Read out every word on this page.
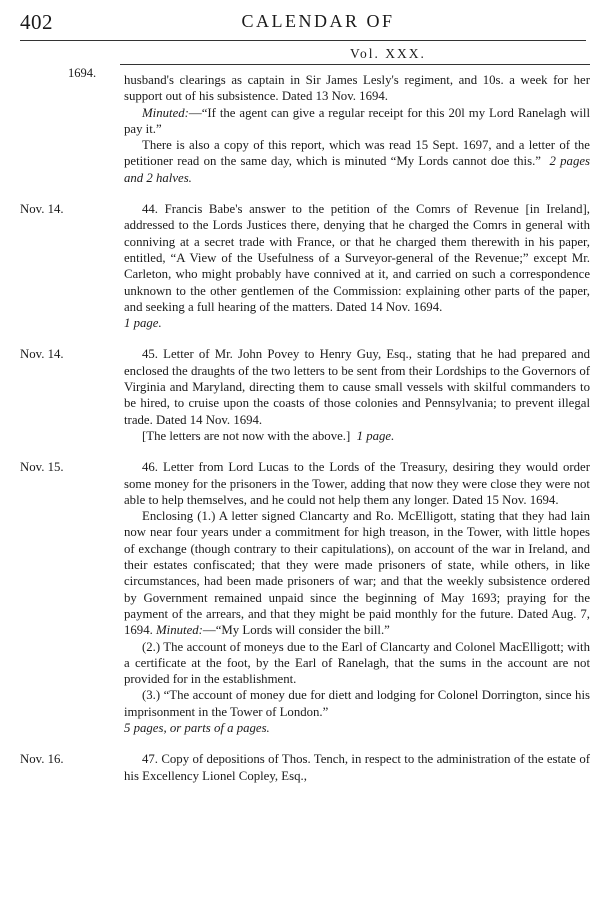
402	CALENDAR OF
Vol. XXX.
1694. husband's clearings as captain in Sir James Lesly's regiment, and 10s. a week for her support out of his subsistence. Dated 13 Nov. 1694.

Minuted:—“If the agent can give a regular receipt for this 20l my Lord Ranelagh will pay it.”

There is also a copy of this report, which was read 15 Sept. 1697, and a letter of the petitioner read on the same day, which is minuted “My Lords cannot doe this.” 2 pages and 2 halves.

Nov. 14.	44. Francis Babe's answer to the petition of the Comrs of Revenue [in Ireland], addressed to the Lords Justices there, denying that he charged the Comrs in general with conniving at a secret trade with France, or that he charged them therewith in his paper, entitled, “A View of the Usefulness of a Surveyor-general of the Revenue;” except Mr. Carleton, who might probably have connived at it, and carried on such a correspondence unknown to the other gentlemen of the Commission: explaining other parts of the paper, and seeking a full hearing of the matters. Dated 14 Nov. 1694.

1 page.

Nov. 14.	45. Letter of Mr. John Povey to Henry Guy, Esq., stating that he had prepared and enclosed the draughts of the two letters to be sent from their Lordships to the Governors of Virginia and Maryland, directing them to cause small vessels with skilful commanders to be hired, to cruise upon the coasts of those colonies and Pennsylvania; to prevent illegal trade. Dated 14 Nov. 1694.

[The letters are not now with the above.] 1 page.

Nov. 15.	46. Letter from Lord Lucas to the Lords of the Treasury, desiring they would order some money for the prisoners in the Tower, adding that now they were close they were not able to help themselves, and he could not help them any longer. Dated 15 Nov. 1694.

Enclosing (1.) A letter signed Clancarty and Ro. McElligott, stating that they had lain now near four years under a commitment for high treason, in the Tower, with little hopes of exchange (though contrary to their capitulations), on account of the war in Ireland, and their estates confiscated; that they were made prisoners of state, while others, in like circumstances, had been made prisoners of war; and that the weekly subsistence ordered by Government remained unpaid since the beginning of May 1693; praying for the payment of the arrears, and that they might be paid monthly for the future. Dated Aug. 7, 1694. Minuted:—“My Lords will consider the bill.”

(2.) The account of moneys due to the Earl of Clancarty and Colonel MacElligott; with a certificate at the foot, by the Earl of Ranelagh, that the sums in the account are not provided for in the establishment.

(3.) “The account of money due for diett and lodging for Colonel Dorrington, since his imprisonment in the Tower of London.”

5 pages, or parts of a pages.

Nov. 16.	47. Copy of depositions of Thos. Tench, in respect to the administration of the estate of his Excellency Lionel Copley, Esq.,
